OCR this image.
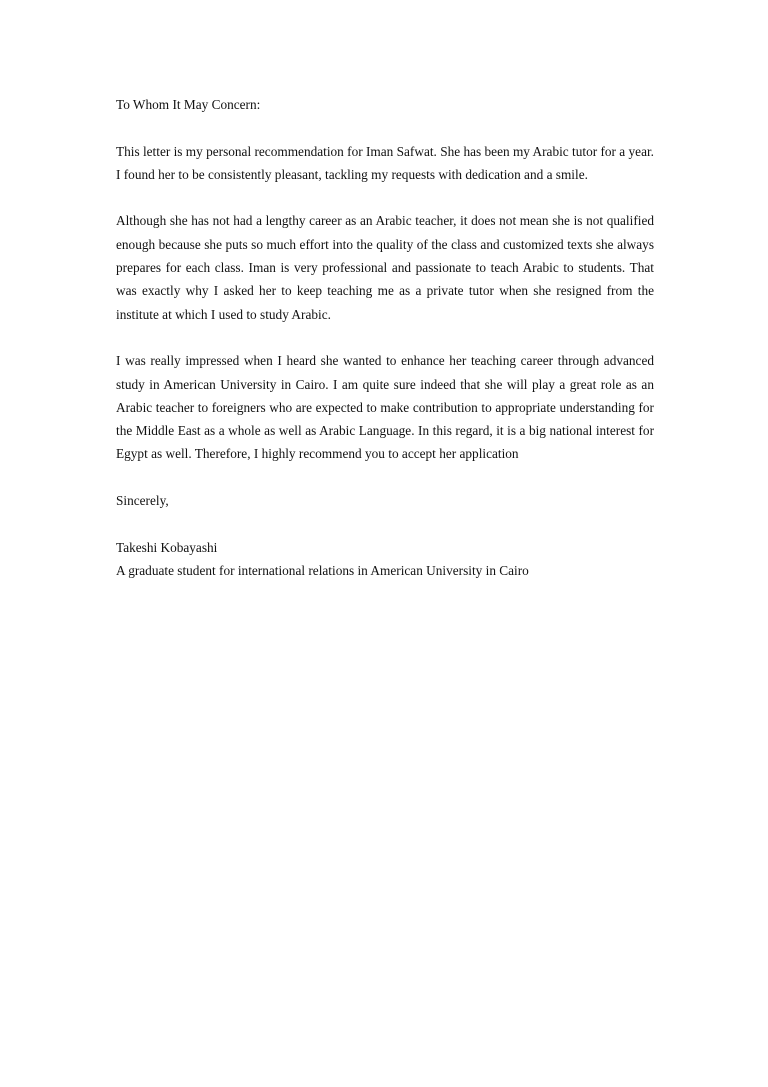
To Whom It May Concern:

This letter is my personal recommendation for Iman Safwat. She has been my Arabic tutor for a year. I found her to be consistently pleasant, tackling my requests with dedication and a smile.

Although she has not had a lengthy career as an Arabic teacher, it does not mean she is not qualified enough because she puts so much effort into the quality of the class and customized texts she always prepares for each class. Iman is very professional and passionate to teach Arabic to students. That was exactly why I asked her to keep teaching me as a private tutor when she resigned from the institute at which I used to study Arabic.

I was really impressed when I heard she wanted to enhance her teaching career through advanced study in American University in Cairo. I am quite sure indeed that she will play a great role as an Arabic teacher to foreigners who are expected to make contribution to appropriate understanding for the Middle East as a whole as well as Arabic Language. In this regard, it is a big national interest for Egypt as well. Therefore, I highly recommend you to accept her application

Sincerely,

Takeshi Kobayashi

A graduate student for international relations in American University in Cairo
